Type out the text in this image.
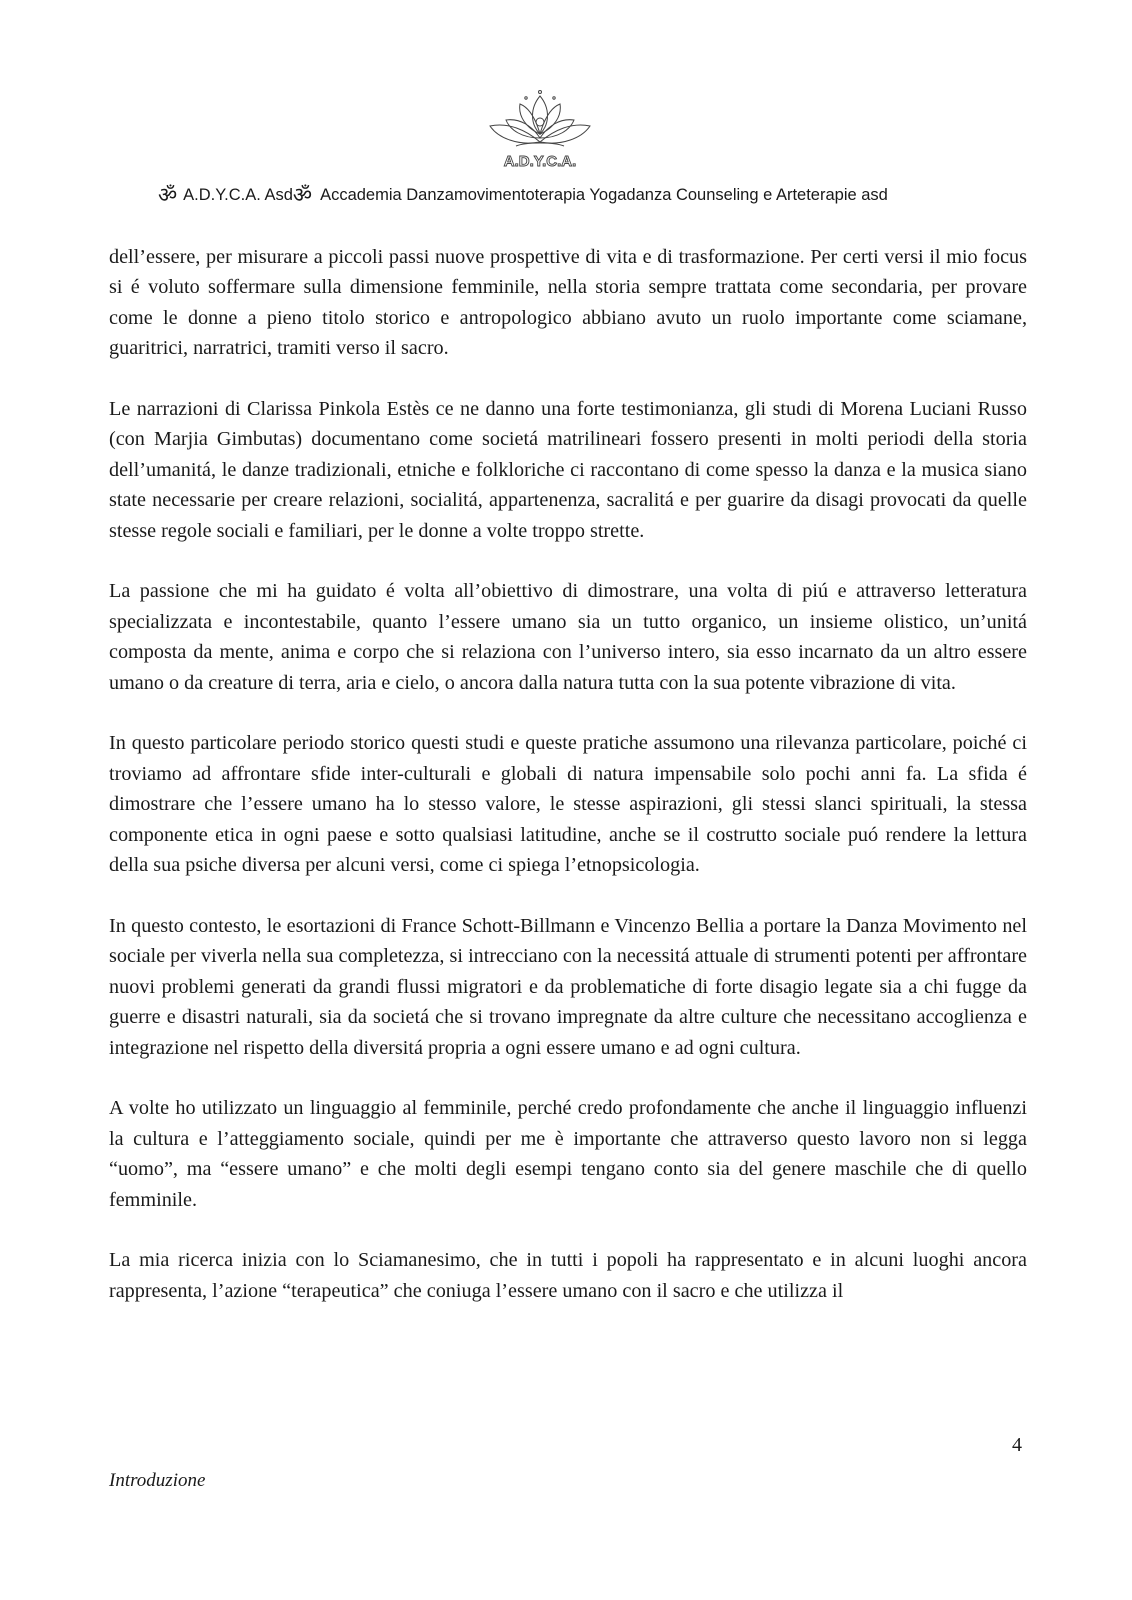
A.D.Y.C.A.
ॐ A.D.Y.C.A. Asd ॐ Accademia Danzamovimentoterapia Yogadanza Counseling e Arteterapie asd

dell’essere, per misurare a piccoli passi nuove prospettive di vita e di trasformazione. Per certi versi il mio focus si é voluto soffermare sulla dimensione femminile, nella storia sempre trattata come secondaria, per provare come le donne a pieno titolo storico e antropologico abbiano avuto un ruolo importante come sciamane, guaritrici, narratrici, tramiti verso il sacro.

Le narrazioni di Clarissa Pinkola Estès ce ne danno una forte testimonianza, gli studi di Morena Luciani Russo (con Marjia Gimbutas) documentano come societá matrilineari fossero presenti in molti periodi della storia dell’umanitá, le danze tradizionali, etniche e folkloriche ci raccontano di come spesso la danza e la musica siano state necessarie per creare relazioni, socialitá, appartenenza, sacralitá e per guarire da disagi provocati da quelle stesse regole sociali e familiari, per le donne a volte troppo strette.

La passione che mi ha guidato é volta all’obiettivo di dimostrare, una volta di piú e attraverso letteratura specializzata e incontestabile, quanto l’essere umano sia un tutto organico, un insieme olistico, un’unitá composta da mente, anima e corpo che si relaziona con l’universo intero, sia esso incarnato da un altro essere umano o da creature di terra, aria e cielo, o ancora dalla natura tutta con la sua potente vibrazione di vita.

In questo particolare periodo storico questi studi e queste pratiche assumono una rilevanza particolare, poiché ci troviamo ad affrontare sfide inter-culturali e globali di natura impensabile solo pochi anni fa. La sfida é dimostrare che l’essere umano ha lo stesso valore, le stesse aspirazioni, gli stessi slanci spirituali, la stessa componente etica in ogni paese e sotto qualsiasi latitudine, anche se il costrutto sociale puó rendere la lettura della sua psiche diversa per alcuni versi, come ci spiega l’etnopsicologia.

In questo contesto, le esortazioni di France Schott-Billmann e Vincenzo Bellia a portare la Danza Movimento nel sociale per viverla nella sua completezza, si intrecciano con la necessitá attuale di strumenti potenti per affrontare nuovi problemi generati da grandi flussi migratori e da problematiche di forte disagio legate sia a chi fugge da guerre e disastri naturali, sia da societá che si trovano impregnate da altre culture che necessitano accoglienza e integrazione nel rispetto della diversitá propria a ogni essere umano e ad ogni cultura.

A volte ho utilizzato un linguaggio al femminile, perché credo profondamente che anche il linguaggio influenzi la cultura e l’atteggiamento sociale, quindi per me è importante che attraverso questo lavoro non si legga “uomo”, ma “essere umano” e che molti degli esempi tengano conto sia del genere maschile che di quello femminile.

La mia ricerca inizia con lo Sciamanesimo, che in tutti i popoli ha rappresentato e in alcuni luoghi ancora rappresenta, l’azione “terapeutica” che coniuga l’essere umano con il sacro e che utilizza il

4
Introduzione
